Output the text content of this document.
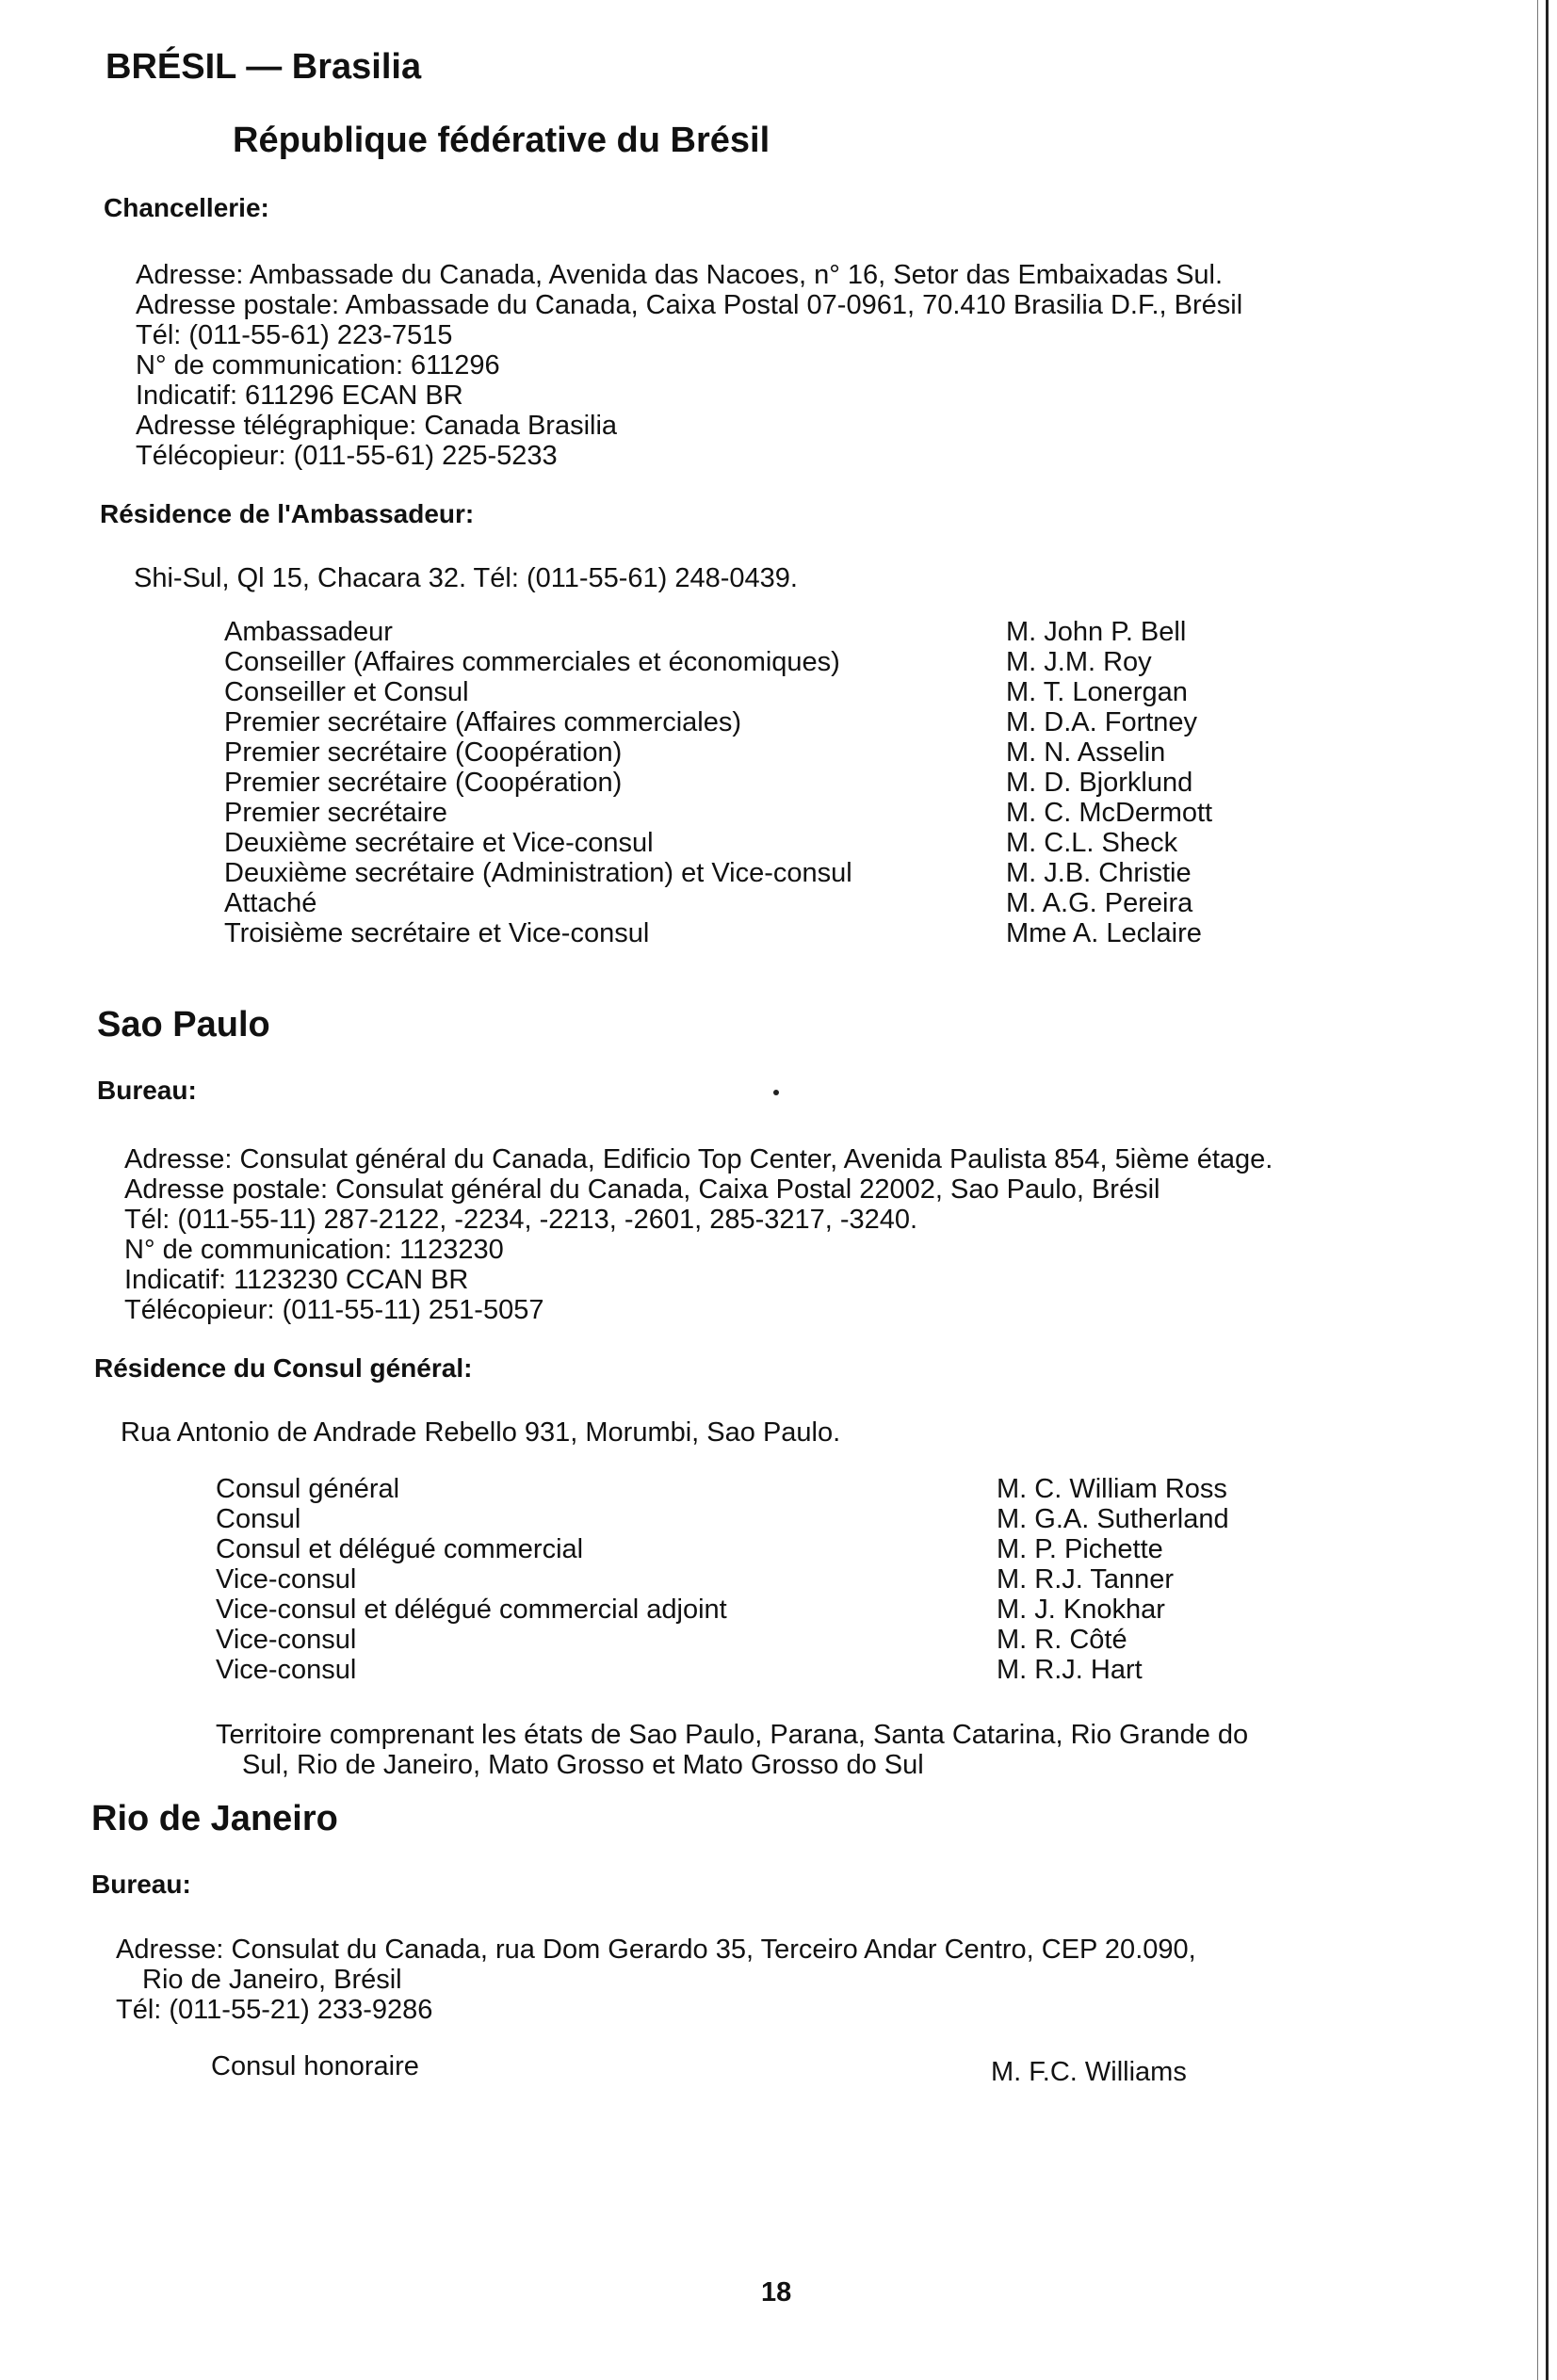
BRÉSIL — Brasilia
République fédérative du Brésil
Chancellerie:
Adresse: Ambassade du Canada, Avenida das Nacoes, n° 16, Setor das Embaixadas Sul.
Adresse postale: Ambassade du Canada, Caixa Postal 07-0961, 70.410 Brasilia D.F., Brésil
Tél: (011-55-61) 223-7515
N° de communication: 611296
Indicatif: 611296 ECAN BR
Adresse télégraphique: Canada Brasilia
Télécopieur: (011-55-61) 225-5233
Résidence de l'Ambassadeur:
Shi-Sul, Ql 15, Chacara 32. Tél: (011-55-61) 248-0439.
Ambassadeur	M. John P. Bell
Conseiller (Affaires commerciales et économiques)	M. J.M. Roy
Conseiller et Consul	M. T. Lonergan
Premier secrétaire (Affaires commerciales)	M. D.A. Fortney
Premier secrétaire (Coopération)	M. N. Asselin
Premier secrétaire (Coopération)	M. D. Bjorklund
Premier secrétaire	M. C. McDermott
Deuxième secrétaire et Vice-consul	M. C.L. Sheck
Deuxième secrétaire (Administration) et Vice-consul	M. J.B. Christie
Attaché	M. A.G. Pereira
Troisième secrétaire et Vice-consul	Mme A. Leclaire
Sao Paulo
Bureau:
Adresse: Consulat général du Canada, Edificio Top Center, Avenida Paulista 854, 5ième étage.
Adresse postale: Consulat général du Canada, Caixa Postal 22002, Sao Paulo, Brésil
Tél: (011-55-11) 287-2122, -2234, -2213, -2601, 285-3217, -3240.
N° de communication: 1123230
Indicatif: 1123230 CCAN BR
Télécopieur: (011-55-11) 251-5057
Résidence du Consul général:
Rua Antonio de Andrade Rebello 931, Morumbi, Sao Paulo.
Consul général	M. C. William Ross
Consul	M. G.A. Sutherland
Consul et délégué commercial	M. P. Pichette
Vice-consul	M. R.J. Tanner
Vice-consul et délégué commercial adjoint	M. J. Knokhar
Vice-consul	M. R. Côté
Vice-consul	M. R.J. Hart
Territoire comprenant les états de Sao Paulo, Parana, Santa Catarina, Rio Grande do
Sul, Rio de Janeiro, Mato Grosso et Mato Grosso do Sul
Rio de Janeiro
Bureau:
Adresse: Consulat du Canada, rua Dom Gerardo 35, Terceiro Andar Centro, CEP 20.090,
Rio de Janeiro, Brésil
Tél: (011-55-21) 233-9286
Consul honoraire	M. F.C. Williams
18
